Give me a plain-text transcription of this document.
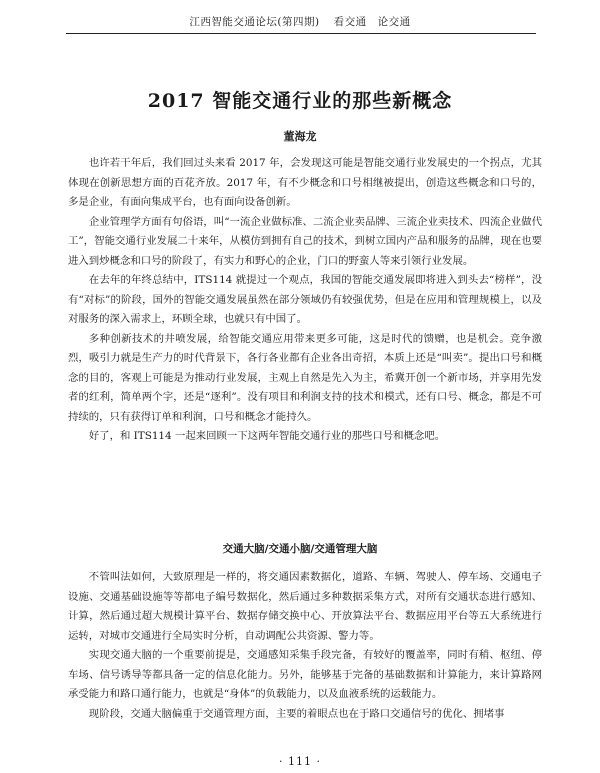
江西智能交通论坛(第四期) 看交通　论交通
2017 智能交通行业的那些新概念
董海龙

也许若干年后，我们回过头来看 2017 年，会发现这可能是智能交通行业发展史的一个拐点，尤其体现在创新思想方面的百花齐放。2017 年，有不少概念和口号相继被提出，创造这些概念和口号的，多是企业，有面向集成平台，也有面向设备创新。

企业管理学方面有句俗语，叫“一流企业做标准、二流企业卖品牌、三流企业卖技术、四流企业做代工”，智能交通行业发展二十来年，从模仿到拥有自己的技术，到树立国内产品和服务的品牌，现在也要进入到炒概念和口号的阶段了，有实力和野心的企业，门口的野蛮人等来引领行业发展。

在去年的年终总结中，ITS114 就提过一个观点，我国的智能交通发展即将进入到头去“榜样”，没有“对标”的阶段，国外的智能交通发展虽然在部分领域仍有较强优势，但是在应用和管理规模上，以及对服务的深入需求上，环顾全球，也就只有中国了。

多种创新技术的井喷发展，给智能交通应用带来更多可能，这是时代的馈赠，也是机会。竞争激烈，吸引力就是生产力的时代背景下，各行各业都有企业各出奇招，本质上还是“叫卖”。提出口号和概念的目的，客观上可能是为推动行业发展，主观上自然是先入为主，希冀开创一个新市场，并享用先发者的红利，简单两个字，还是“逐利”。没有项目和利润支持的技术和模式，还有口号、概念，都是不可持续的，只有获得订单和利润，口号和概念才能持久。

好了，和 ITS114 一起来回顾一下这两年智能交通行业的那些口号和概念吧。

交通大脑/交通小脑/交通管理大脑

不管叫法如何，大致原理是一样的，将交通因素数据化，道路、车辆、驾驶人、停车场、交通电子设施、交通基础设施等等都电子编号数据化，然后通过多种数据采集方式，对所有交通状态进行感知、计算，然后通过超大规模计算平台、数据存储交换中心、开放算法平台、数据应用平台等五大系统进行运转，对城市交通进行全局实时分析，自动调配公共资源、警力等。

实现交通大脑的一个重要前提是，交通感知采集手段完备，有较好的覆盖率，同时有稍、枢纽、停车场、信号诱导等都具备一定的信息化能力。另外，能够基于完备的基础数据和计算能力，来计算路网承受能力和路口通行能力，也就是“身体”的负载能力，以及血液系统的运载能力。

现阶段，交通大脑偏重于交通管理方面，主要的着眼点也在于路口交通信号的优化、拥堵事

· 111 ·
